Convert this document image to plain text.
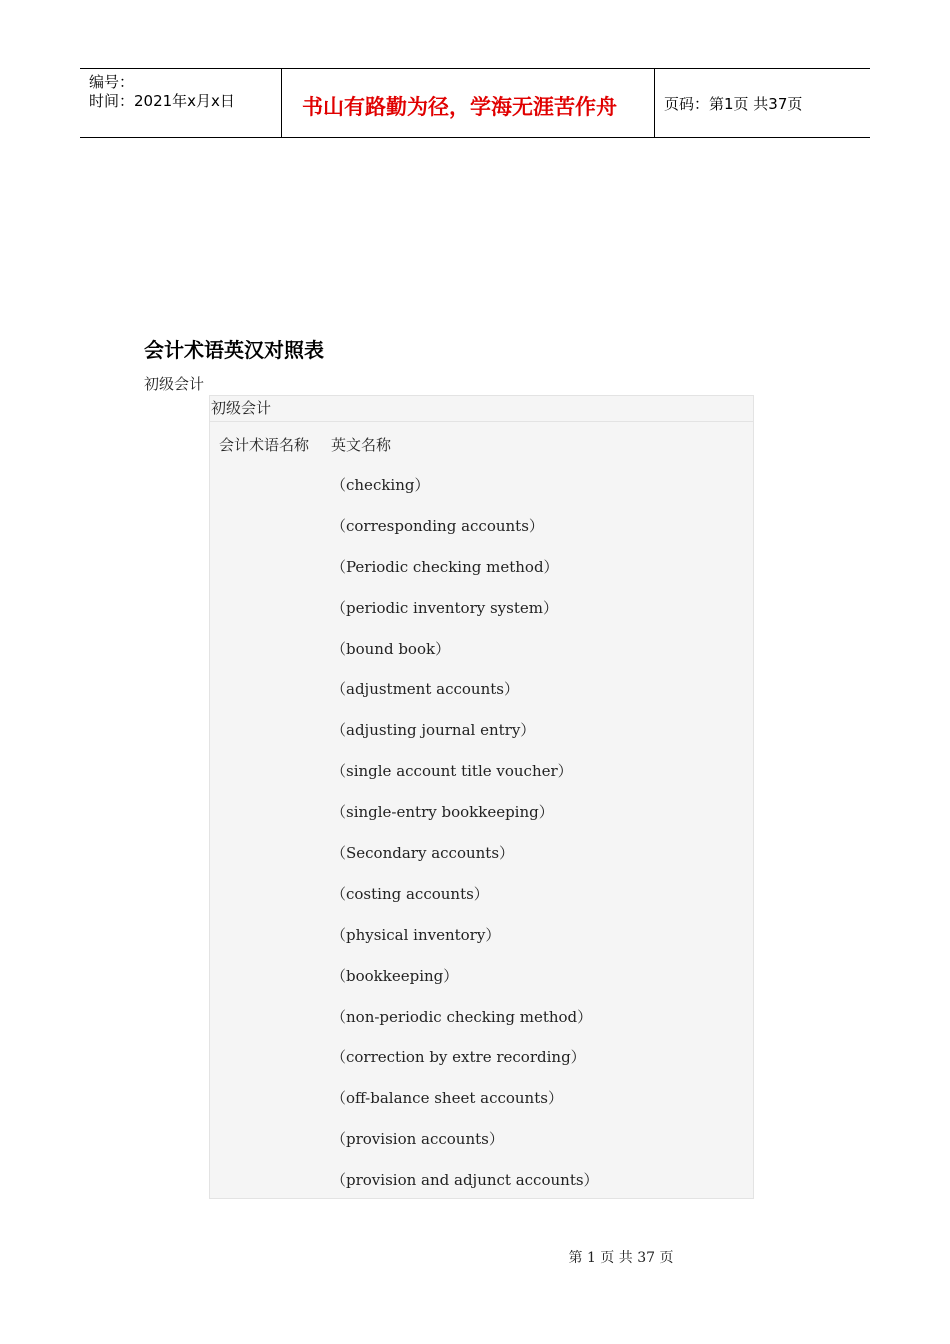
编号：
时间：2021年x月x日	书山有路勤为径，学海无涯苦作舟	页码：第1页 共37页
会计术语英汉对照表
初级会计
初级会计
会计术语名称 英文名称
（checking）
（corresponding accounts）
（Periodic checking method）
（periodic inventory system）
（bound book）
（adjustment accounts）
（adjusting journal entry）
（single account title voucher）
（single-entry bookkeeping）
（Secondary accounts）
（costing accounts）
（physical inventory）
（bookkeeping）
（non-periodic checking method）
（correction by extre recording）
（off-balance sheet accounts）
（provision accounts）
（provision and adjunct accounts）
第 1 页 共 37 页
